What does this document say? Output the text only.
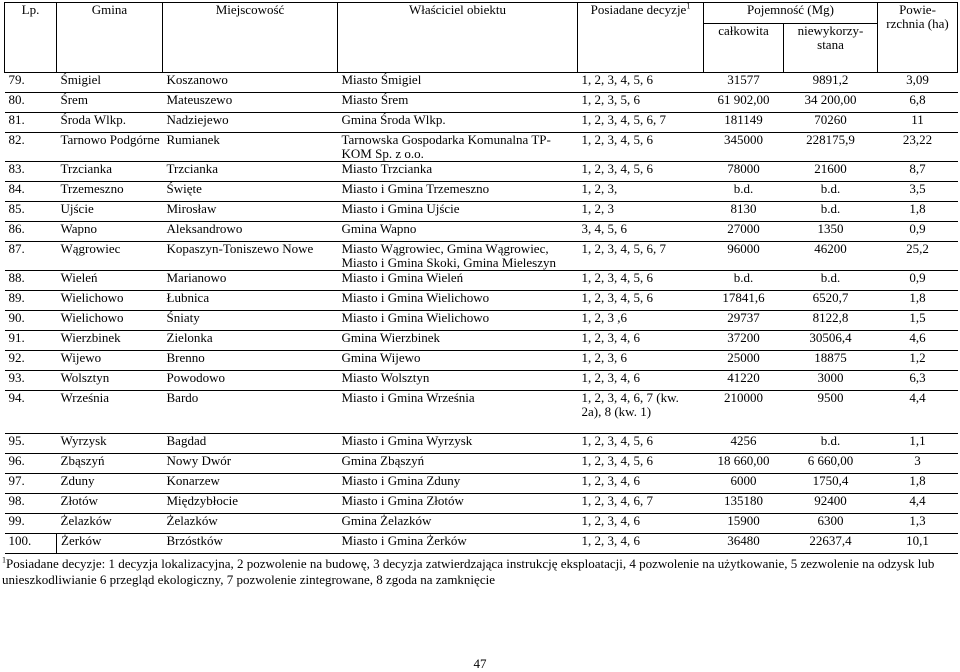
Lp.	Gmina	Miejscowość	Właściciel obiektu	Posiadane decyzje$^1$	Pojemność (Mg)		Powie-rzchnia (ha)
					całkowita	niewykorzy-stana	
79.	Śmigiel	Koszanowo	Miasto Śmigiel	1, 2, 3, 4, 5, 6	31577	9891,2	3,09
80.	Śrem	Mateuszewo	Miasto Śrem	1, 2, 3, 5, 6	61 902,00	34 200,00	6,8
81.	Środa Wlkp.	Nadziejewo	Gmina Środa Wlkp.	1, 2, 3, 4, 5, 6, 7	181149	70260	11
82.	Tarnowo Podgórne	Rumianek	Tarnowska Gospodarka Komunalna TP-KOM Sp. z o.o.	1, 2, 3, 4, 5, 6	345000	228175,9	23,22
83.	Trzcianka	Trzcianka	Miasto Trzcianka	1, 2, 3, 4, 5, 6	78000	21600	8,7
84.	Trzemeszno	Święte	Miasto i Gmina Trzemeszno	1, 2, 3,	b.d.	b.d.	3,5
85.	Ujście	Mirosław	Miasto i Gmina Ujście	1, 2, 3	8130	b.d.	1,8
86.	Wapno	Aleksandrowo	Gmina Wapno	3, 4, 5, 6	27000	1350	0,9
87.	Wągrowiec	Kopaszyn-Toniszewo Nowe	Miasto Wągrowiec, Gmina Wągrowiec, Miasto i Gmina Skoki, Gmina Mieleszyn	1, 2, 3, 4, 5, 6, 7	96000	46200	25,2
88.	Wieleń	Marianowo	Miasto i Gmina Wieleń	1, 2, 3, 4, 5, 6	b.d.	b.d.	0,9
89.	Wielichowo	Łubnica	Miasto i Gmina Wielichowo	1, 2, 3, 4, 5, 6	17841,6	6520,7	1,8
90.	Wielichowo	Śniaty	Miasto i Gmina Wielichowo	1, 2, 3 ,6	29737	8122,8	1,5
91.	Wierzbinek	Zielonka	Gmina Wierzbinek	1, 2, 3, 4, 6	37200	30506,4	4,6
92.	Wijewo	Brenno	Gmina Wijewo	1, 2, 3, 6	25000	18875	1,2
93.	Wolsztyn	Powodowo	Miasto Wolsztyn	1, 2, 3, 4, 6	41220	3000	6,3
94.	Września	Bardo	Miasto i Gmina Września	1, 2, 3, 4, 6, 7 (kw. 2a), 8 (kw. 1)	210000	9500	4,4
95.	Wyrzysk	Bagdad	Miasto i Gmina Wyrzysk	1, 2, 3, 4, 5, 6	4256	b.d.	1,1
96.	Zbąszyń	Nowy Dwór	Gmina Zbąszyń	1, 2, 3, 4, 5, 6	18 660,00	6 660,00	3
97.	Zduny	Konarzew	Miasto i Gmina Zduny	1, 2, 3, 4, 6	6000	1750,4	1,8
98.	Złotów	Międzybłocie	Miasto i Gmina Złotów	1, 2, 3, 4, 6, 7	135180	92400	4,4
99.	Żelazków	Żelazków	Gmina Żelazków	1, 2, 3, 4, 6	15900	6300	1,3
100.	Żerków	Brzóstków	Miasto i Gmina Żerków	1, 2, 3, 4, 6	36480	22637,4	10,1
$^1$Posiadane decyzje: 1 decyzja lokalizacyjna, 2 pozwolenie na budowę, 3 decyzja zatwierdzająca instrukcję eksploatacji, 4 pozwolenie na użytkowanie, 5 zezwolenie na odzysk lub unieszkodliwianie 6 przegląd ekologiczny, 7 pozwolenie zintegrowane, 8 zgoda na zamknięcie
47
